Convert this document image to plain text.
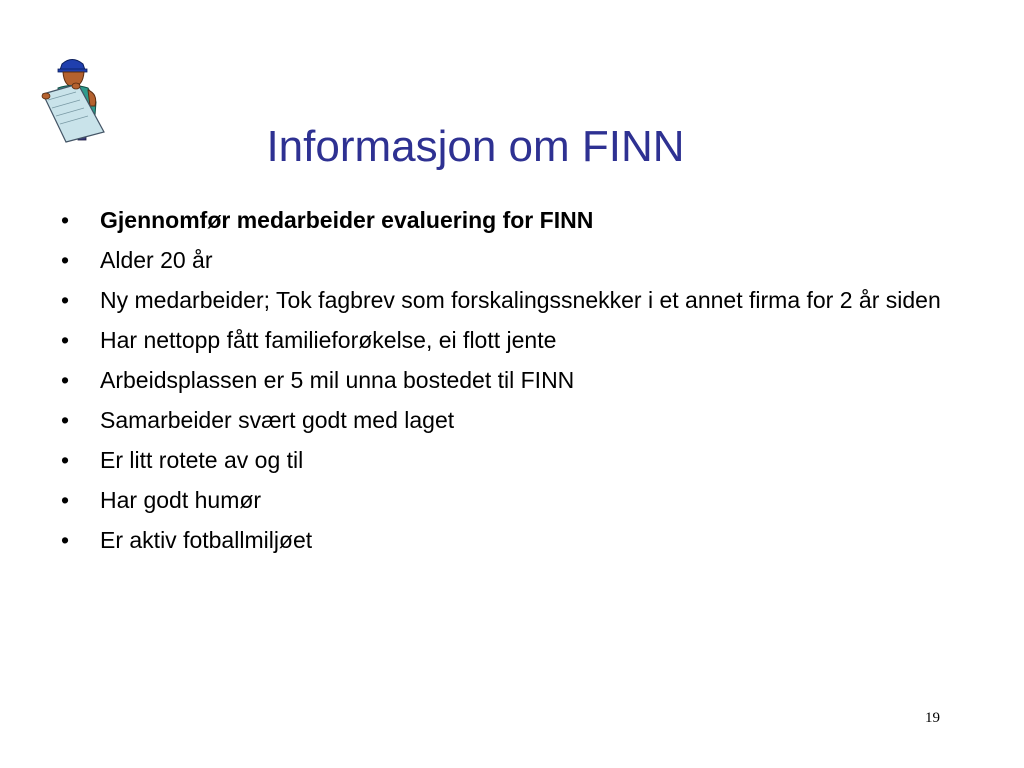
Informasjon om FINN
• Gjennomfør medarbeider evaluering for FINN
• Alder 20 år
• Ny medarbeider; Tok fagbrev som forskalingssnekker i et annet firma for 2 år siden
• Har nettopp fått familieforøkelse, ei flott jente
• Arbeidsplassen er 5 mil unna bostedet til FINN
• Samarbeider svært godt med laget
• Er litt rotete av og til
• Har godt humør
• Er aktiv fotballmiljøet
19
